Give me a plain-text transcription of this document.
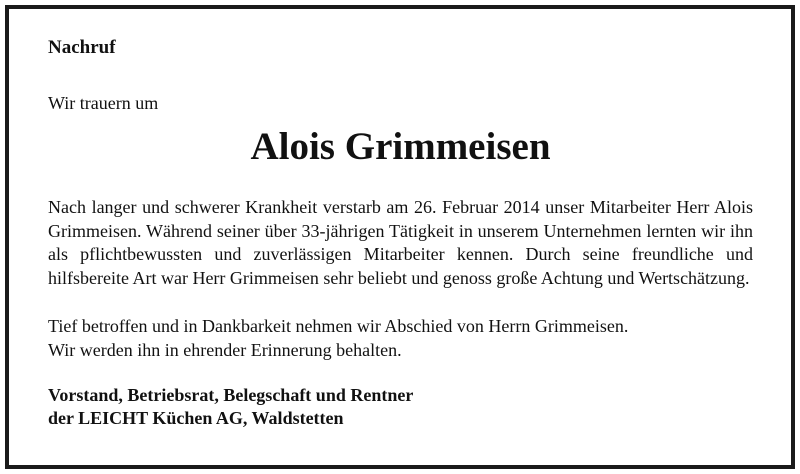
Nachruf

Wir trauern um

Alois Grimmeisen

Nach langer und schwerer Krankheit verstarb am 26. Februar 2014 unser Mitarbeiter Herr Alois Grimmeisen. Während seiner über 33-jährigen Tätigkeit in unserem Unternehmen lernten wir ihn als pflichtbewussten und zuverlässigen Mitarbeiter kennen. Durch seine freundliche und hilfsbereite Art war Herr Grimmeisen sehr beliebt und genoss große Achtung und Wertschätzung.

Tief betroffen und in Dankbarkeit nehmen wir Abschied von Herrn Grimmeisen.
Wir werden ihn in ehrender Erinnerung behalten.

Vorstand, Betriebsrat, Belegschaft und Rentner
der LEICHT Küchen AG, Waldstetten
